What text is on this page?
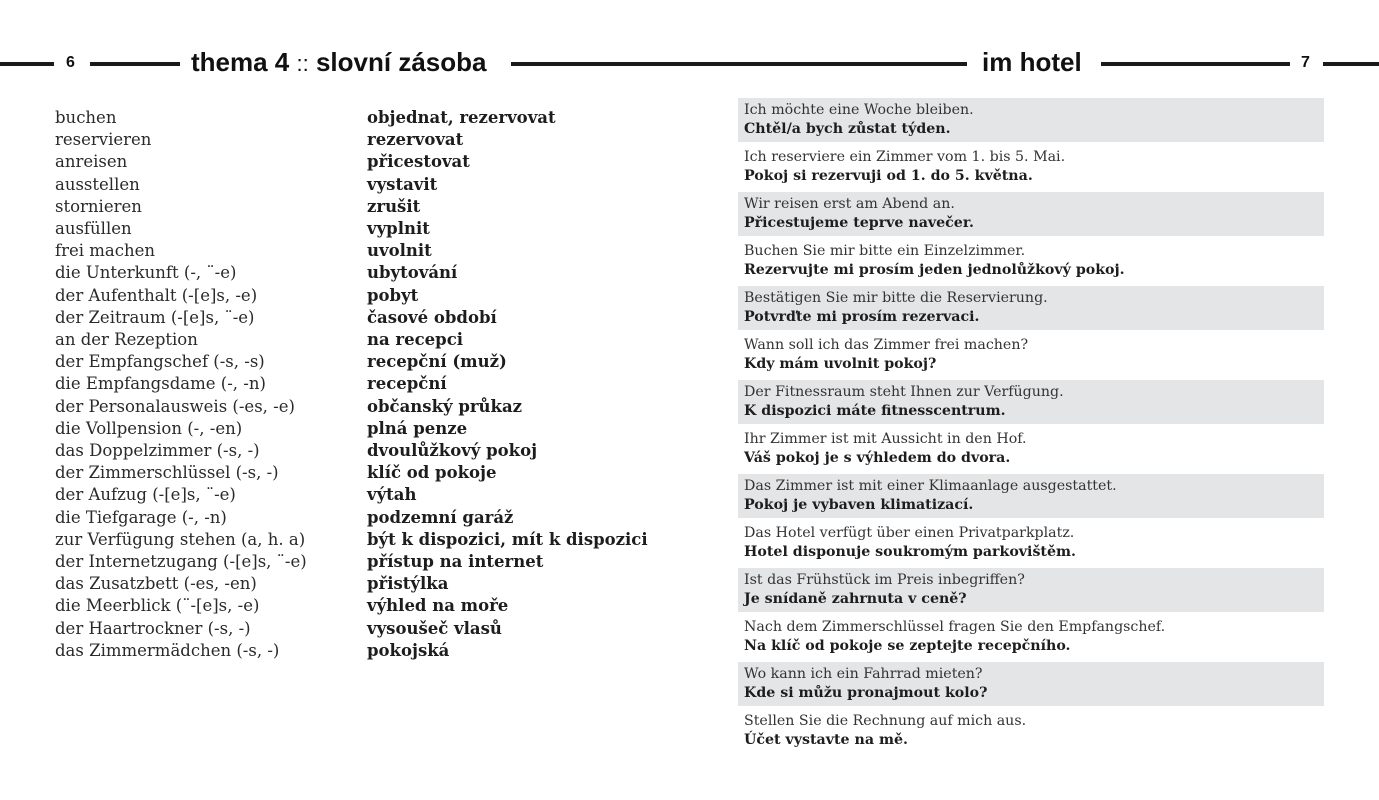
6	thema 4 :: slovní zásoba	im hotel	7
buchen	objednat, rezervovat
reservieren	rezervovat
anreisen	přicestovat
ausstellen	vystavit
stornieren	zrušit
ausfüllen	vyplnit
frei machen	uvolnit
die Unterkunft (-, ¨-e)	ubytování
der Aufenthalt (-[e]s, -e)	pobyt
der Zeitraum (-[e]s, ¨-e)	časové období
an der Rezeption	na recepci
der Empfangschef (-s, -s)	recepční (muž)
die Empfangsdame (-, -n)	recepční
der Personalausweis (-es, -e)	občanský průkaz
die Vollpension (-, -en)	plná penze
das Doppelzimmer (-s, -)	dvoulůžkový pokoj
der Zimmerschlüssel (-s, -)	klíč od pokoje
der Aufzug (-[e]s, ¨-e)	výtah
die Tiefgarage (-, -n)	podzemní garáž
zur Verfügung stehen (a, h. a)	být k dispozici, mít k dispozici
der Internetzugang (-[e]s, ¨-e)	přístup na internet
das Zusatzbett (-es, -en)	přistýlka
die Meerblick (¨-[e]s, -e)	výhled na moře
der Haartrockner (-s, -)	vysoušeč vlasů
das Zimmermädchen (-s, -)	pokojská
Ich möchte eine Woche bleiben.
Chtěl/a bych zůstat týden.
Ich reserviere ein Zimmer vom 1. bis 5. Mai.
Pokoj si rezervuji od 1. do 5. května.
Wir reisen erst am Abend an.
Přicestujeme teprve navečer.
Buchen Sie mir bitte ein Einzelzimmer.
Rezervujte mi prosím jeden jednolůžkový pokoj.
Bestätigen Sie mir bitte die Reservierung.
Potvrďte mi prosím rezervaci.
Wann soll ich das Zimmer frei machen?
Kdy mám uvolnit pokoj?
Der Fitnessraum steht Ihnen zur Verfügung.
K dispozici máte fitnesscentrum.
Ihr Zimmer ist mit Aussicht in den Hof.
Váš pokoj je s výhledem do dvora.
Das Zimmer ist mit einer Klimaanlage ausgestattet.
Pokoj je vybaven klimatizací.
Das Hotel verfügt über einen Privatparkplatz.
Hotel disponuje soukromým parkovištěm.
Ist das Frühstück im Preis inbegriffen?
Je snídaně zahrnuta v ceně?
Nach dem Zimmerschlüssel fragen Sie den Empfangschef.
Na klíč od pokoje se zeptejte recepčního.
Wo kann ich ein Fahrrad mieten?
Kde si můžu pronajmout kolo?
Stellen Sie die Rechnung auf mich aus.
Účet vystavte na mě.
